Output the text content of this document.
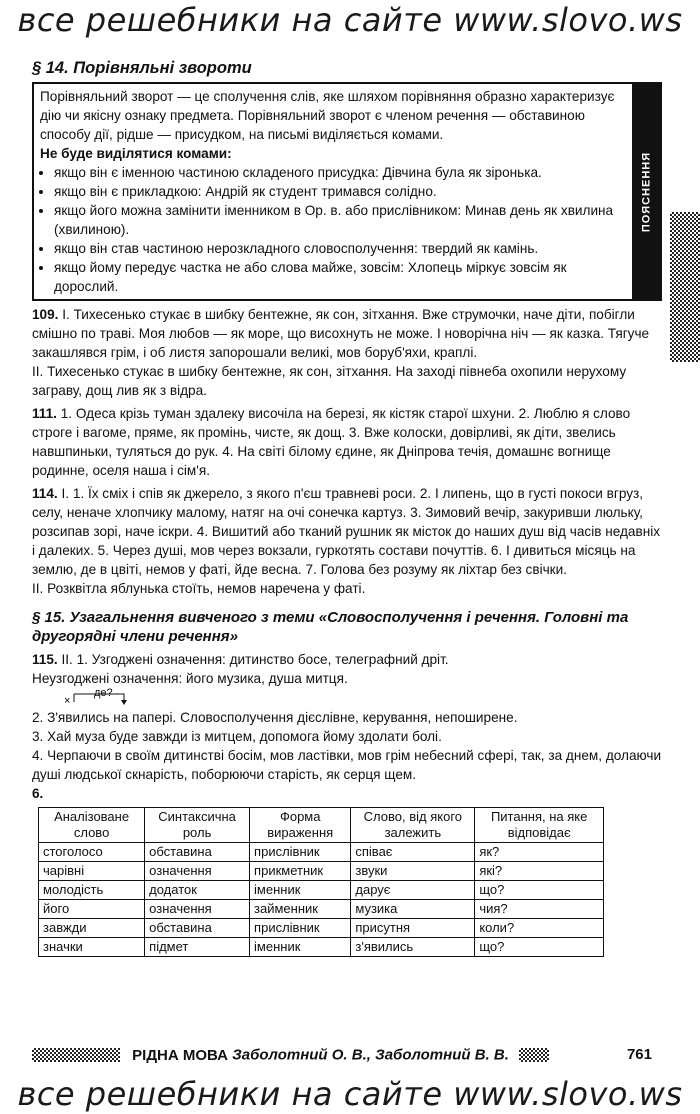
все решебники на сайте www.slovo.ws
§ 14. Порівняльні звороти

Порівняльний зворот — це сполучення слів, яке шляхом порівняння образно характеризує дію чи якісну ознаку предмета. Порівняльний зворот є членом речення — обставиною способу дії, рідше — присудком, на письмі виділяється комами.

Не буде виділятися комами:

• якщо він є іменною частиною складеного присудка: Дівчина була як зіронька.
• якщо він є прикладкою: Андрій як студент тримався солідно.
• якщо його можна замінити іменником в Ор. в. або прислівником: Минав день як хвилина (хвилиною).
• якщо він став частиною нерозкладного словосполучення: твердий як камінь.
• якщо йому передує частка не або слова майже, зовсім: Хлопець міркує зовсім як дорослий.
ПОЯСНЕННЯ

109. I. Тихесенько стукає в шибку бентежне, як сон, зітхання. Вже струмочки, наче діти, побігли смішно по траві. Моя любов — як море, що висохнуть не може. І новорічна ніч — як казка. Тягуче закашлявся грім, і об листя запорошали великі, мов боруб'яхи, краплі.

II. Тихесенько стукає в шибку бентежне, як сон, зітхання. На заході півнеба охопили нерухому заграву, дощ лив як з відра.

111. 1. Одеса крізь туман здалеку височіла на березі, як кістяк старої шхуни. 2. Люблю я слово строге і вагоме, пряме, як промінь, чисте, як дощ. 3. Вже колоски, довірливі, як діти, звелись навшпиньки, туляться до рук. 4. На світі білому єдине, як Дніпрова течія, домашнє вогнище родинне, оселя наша і сім'я.

114. I. 1. Їх сміх і спів як джерело, з якого п'єш травневі роси. 2. І липень, що в густі покоси вгруз, селу, неначе хлопчику малому, натяг на очі сонечка картуз. 3. Зимовий вечір, закуривши люльку, розсипав зорі, наче іскри. 4. Вишитий або тканий рушник як місток до наших душ від часів недавніх і далеких. 5. Через душі, мов через вокзали, гуркотять состави почуттів. 6. І дивиться місяць на землю, де в цвіті, немов у фаті, йде весна. 7. Голова без розуму як ліхтар без свічки.

II. Розквітла яблунька стоїть, немов наречена у фаті.

§ 15. Узагальнення вивченого з теми «Словосполучення і речення. Головні та другорядні члени речення»

115. II. 1. Узгоджені означення: дитинство босе, телеграфний дріт.

Неузгоджені означення: його музика, душа митця.

×
де?

2. З'явились на папері. Словосполучення дієслівне, керування, непоширене.

3. Хай муза буде завжди із митцем, допомога йому здолати болі.

4. Черпаючи в своїм дитинстві босім, мов ластівки, мов грім небесний сфері, так, за днем, долаючи душі людської скнарість, поборюючи старість, як серця щем.

6.

Аналізоване слово	Синтаксична роль	Форма вираження	Слово, від якого залежить	Питання, на яке відповідає
стоголосо	обставина	прислівник	співає	як?
чарівні	означення	прикметник	звуки	які?
молодість	додаток	іменник	дарує	що?
його	означення	займенник	музика	чия?
завжди	обставина	прислівник	присутня	коли?
значки	підмет	іменник	з'явились	що?
РІДНА МОВА Заболотний О. В., Заболотний В. В.	761
все решебники на сайте www.slovo.ws
